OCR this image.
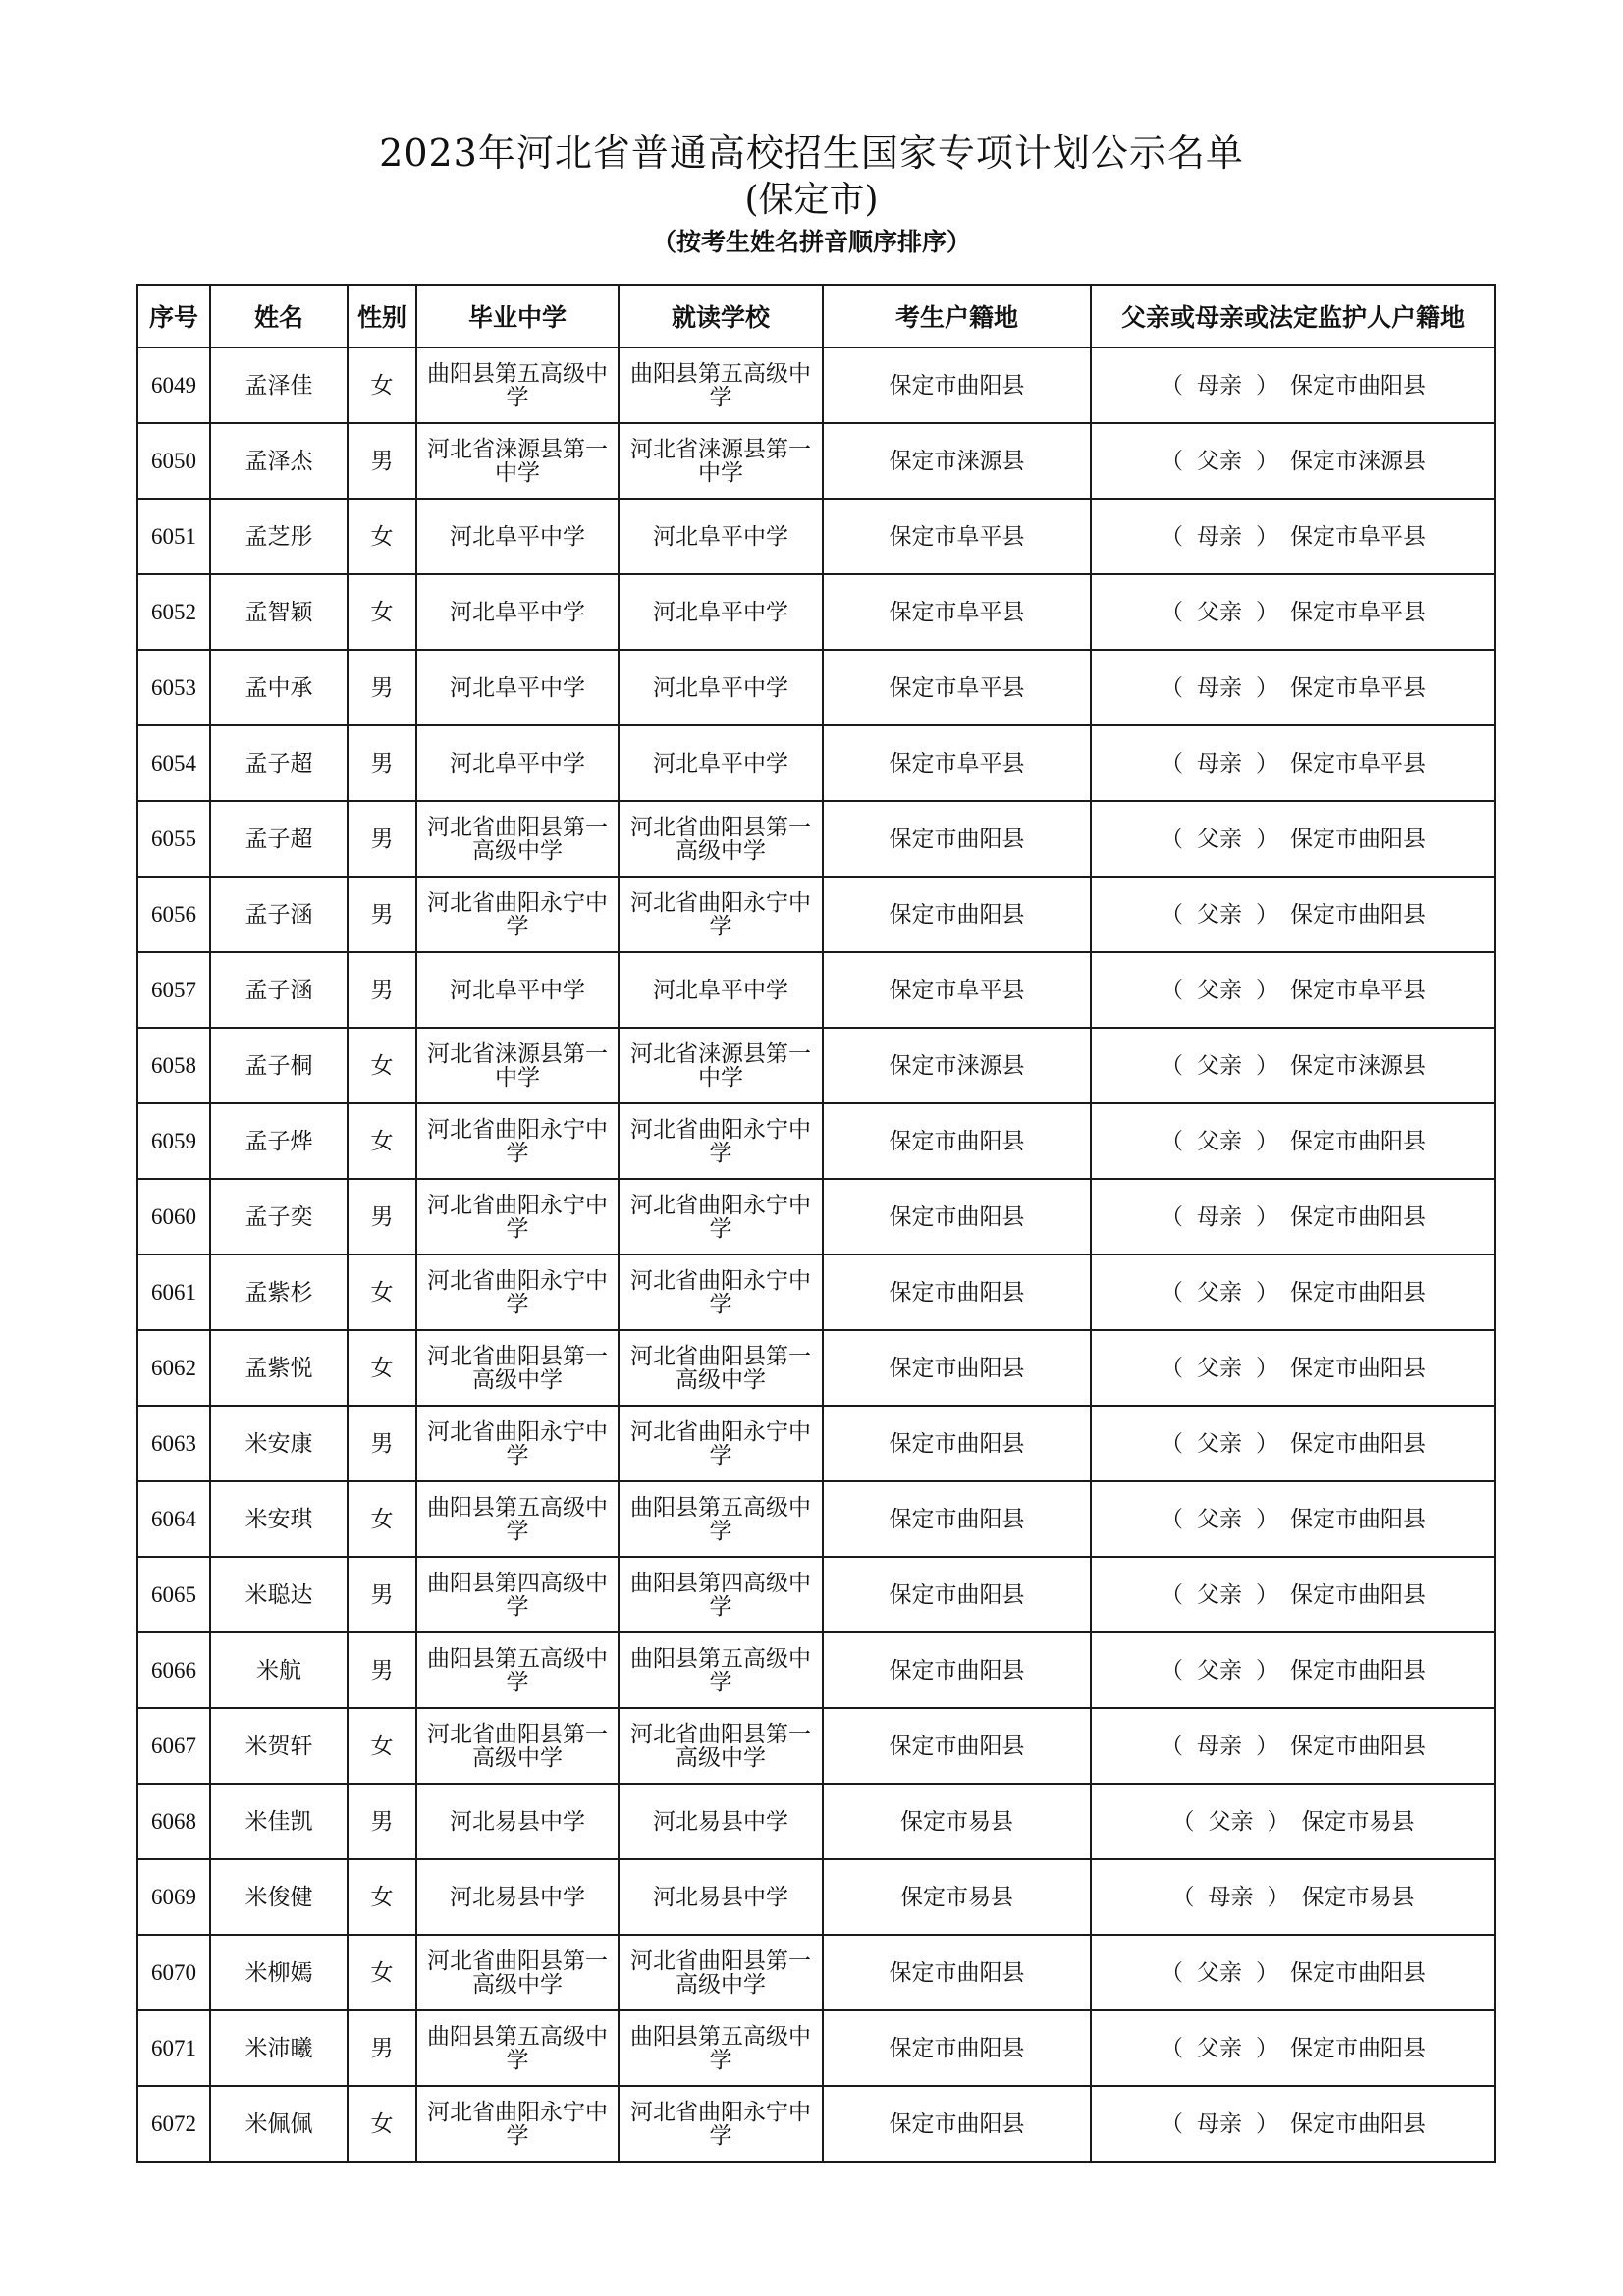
2023年河北省普通高校招生国家专项计划公示名单
(保定市)
（按考生姓名拼音顺序排序）
序号	姓名	性别	毕业中学	就读学校	考生户籍地	父亲或母亲或法定监护人户籍地
6049	孟泽佳	女	曲阳县第五高级中学	曲阳县第五高级中学	保定市曲阳县	（ 母亲 ） 保定市曲阳县
6050	孟泽杰	男	河北省涞源县第一中学	河北省涞源县第一中学	保定市涞源县	（ 父亲 ） 保定市涞源县
6051	孟芝彤	女	河北阜平中学	河北阜平中学	保定市阜平县	（ 母亲 ） 保定市阜平县
6052	孟智颖	女	河北阜平中学	河北阜平中学	保定市阜平县	（ 父亲 ） 保定市阜平县
6053	孟中承	男	河北阜平中学	河北阜平中学	保定市阜平县	（ 母亲 ） 保定市阜平县
6054	孟子超	男	河北阜平中学	河北阜平中学	保定市阜平县	（ 母亲 ） 保定市阜平县
6055	孟子超	男	河北省曲阳县第一高级中学	河北省曲阳县第一高级中学	保定市曲阳县	（ 父亲 ） 保定市曲阳县
6056	孟子涵	男	河北省曲阳永宁中学	河北省曲阳永宁中学	保定市曲阳县	（ 父亲 ） 保定市曲阳县
6057	孟子涵	男	河北阜平中学	河北阜平中学	保定市阜平县	（ 父亲 ） 保定市阜平县
6058	孟子桐	女	河北省涞源县第一中学	河北省涞源县第一中学	保定市涞源县	（ 父亲 ） 保定市涞源县
6059	孟子烨	女	河北省曲阳永宁中学	河北省曲阳永宁中学	保定市曲阳县	（ 父亲 ） 保定市曲阳县
6060	孟子奕	男	河北省曲阳永宁中学	河北省曲阳永宁中学	保定市曲阳县	（ 母亲 ） 保定市曲阳县
6061	孟紫杉	女	河北省曲阳永宁中学	河北省曲阳永宁中学	保定市曲阳县	（ 父亲 ） 保定市曲阳县
6062	孟紫悦	女	河北省曲阳县第一高级中学	河北省曲阳县第一高级中学	保定市曲阳县	（ 父亲 ） 保定市曲阳县
6063	米安康	男	河北省曲阳永宁中学	河北省曲阳永宁中学	保定市曲阳县	（ 父亲 ） 保定市曲阳县
6064	米安琪	女	曲阳县第五高级中学	曲阳县第五高级中学	保定市曲阳县	（ 父亲 ） 保定市曲阳县
6065	米聪达	男	曲阳县第四高级中学	曲阳县第四高级中学	保定市曲阳县	（ 父亲 ） 保定市曲阳县
6066	米航	男	曲阳县第五高级中学	曲阳县第五高级中学	保定市曲阳县	（ 父亲 ） 保定市曲阳县
6067	米贺轩	女	河北省曲阳县第一高级中学	河北省曲阳县第一高级中学	保定市曲阳县	（ 母亲 ） 保定市曲阳县
6068	米佳凯	男	河北易县中学	河北易县中学	保定市易县	（ 父亲 ） 保定市易县
6069	米俊健	女	河北易县中学	河北易县中学	保定市易县	（ 母亲 ） 保定市易县
6070	米柳嫣	女	河北省曲阳县第一高级中学	河北省曲阳县第一高级中学	保定市曲阳县	（ 父亲 ） 保定市曲阳县
6071	米沛曦	男	曲阳县第五高级中学	曲阳县第五高级中学	保定市曲阳县	（ 父亲 ） 保定市曲阳县
6072	米佩佩	女	河北省曲阳永宁中学	河北省曲阳永宁中学	保定市曲阳县	（ 母亲 ） 保定市曲阳县
